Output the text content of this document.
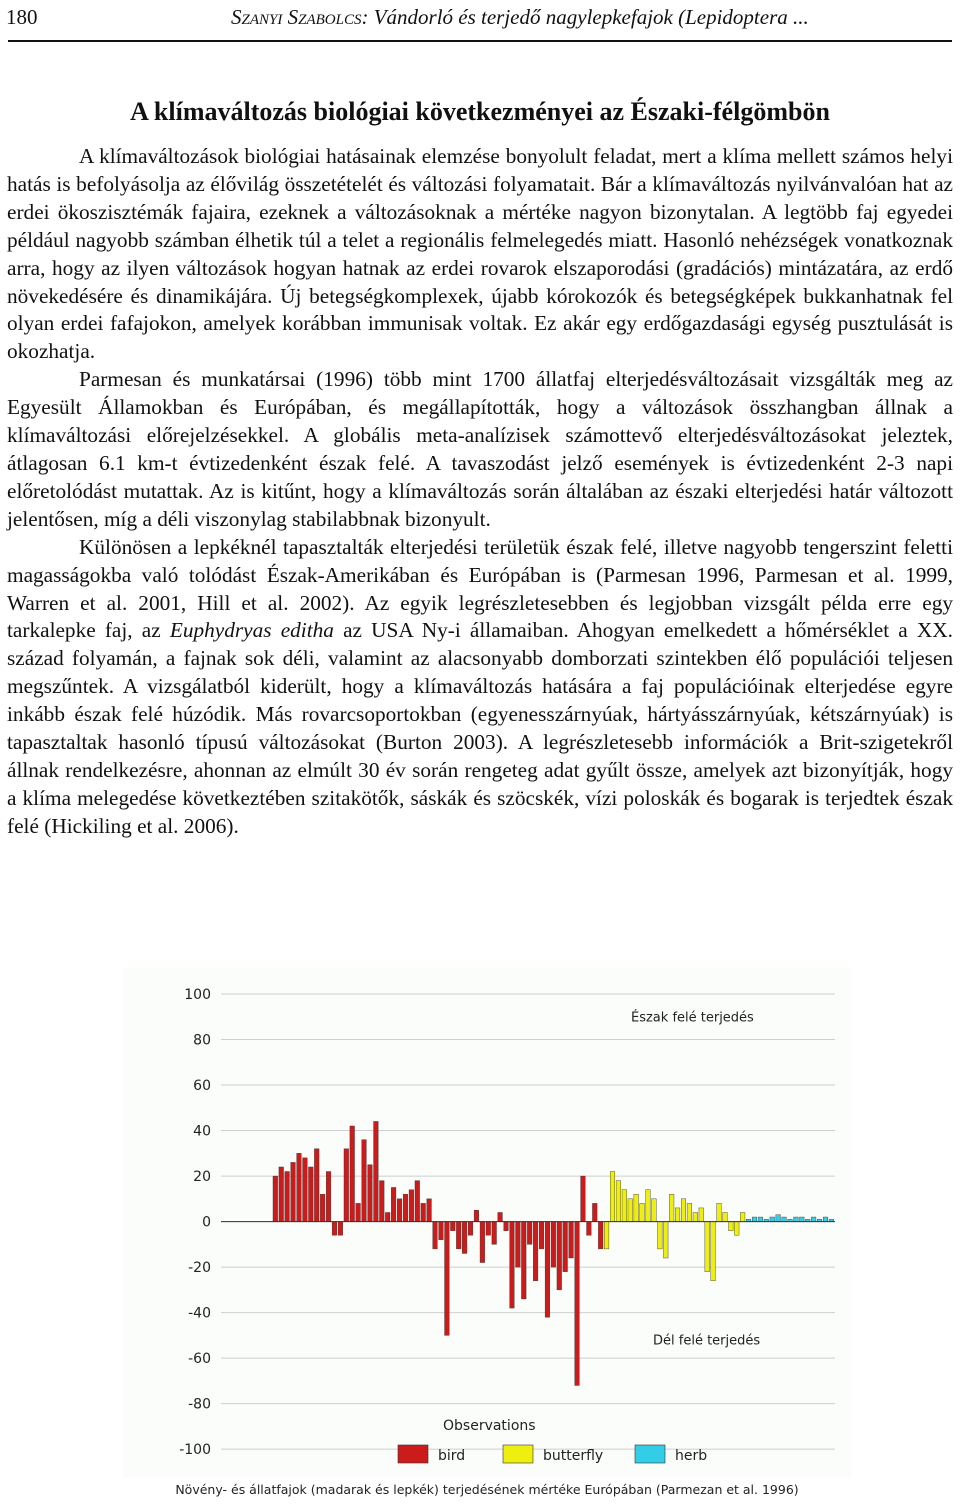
180	Szanyi Szabolcs: Vándorló és terjedő nagylepkefajok (Lepidoptera ...
A klímaváltozás biológiai következményei az Északi-félgömbön

A klímaváltozások biológiai hatásainak elemzése bonyolult feladat, mert a klíma mellett számos helyi hatás is befolyásolja az élővilág összetételét és változási folyamatait. Bár a klímaváltozás nyilvánvalóan hat az erdei ökoszisztémák fajaira, ezeknek a változásoknak a mértéke nagyon bizonytalan. A legtöbb faj egyedei például nagyobb számban élhetik túl a telet a regionális felmelegedés miatt. Hasonló nehézségek vonatkoznak arra, hogy az ilyen változások hogyan hatnak az erdei rovarok elszaporodási (gradációs) mintázatára, az erdő növekedésére és dinamikájára. Új betegségkomplexek, újabb kórokozók és betegségképek bukkanhatnak fel olyan erdei fafajokon, amelyek korábban immunisak voltak. Ez akár egy erdőgazdasági egység pusztulását is okozhatja.

Parmesan és munkatársai (1996) több mint 1700 állatfaj elterjedésváltozásait vizsgálták meg az Egyesült Államokban és Európában, és megállapították, hogy a változások összhangban állnak a klímaváltozási előrejelzésekkel. A globális meta-analízisek számottevő elterjedésváltozásokat jeleztek, átlagosan 6.1 km-t évtizedenként észak felé. A tavaszodást jelző események is évtizedenként 2-3 napi előretolódást mutattak. Az is kitűnt, hogy a klímaváltozás során általában az északi elterjedési határ változott jelentősen, míg a déli viszonylag stabilabbnak bizonyult.

Különösen a lepkéknél tapasztalták elterjedési területük észak felé, illetve nagyobb tengerszint feletti magasságokba való tolódást Észak-Amerikában és Európában is (Parmesan 1996, Parmesan et al. 1999, Warren et al. 2001, Hill et al. 2002). Az egyik legrészletesebben és legjobban vizsgált példa erre egy tarkalepke faj, az Euphydryas editha az USA Ny-i államaiban. Ahogyan emelkedett a hőmérséklet a XX. század folyamán, a fajnak sok déli, valamint az alacsonyabb domborzati szintekben élő populációi teljesen megszűntek. A vizsgálatból kiderült, hogy a klímaváltozás hatására a faj populációinak elterjedése egyre inkább észak felé húzódik. Más rovarcsoportokban (egyenesszárnyúak, hártyásszárnyúak, kétszárnyúak) is tapasztaltak hasonló típusú változásokat (Burton 2003). A legrészletesebb információk a Brit-szigetekről állnak rendelkezésre, ahonnan az elmúlt 30 év során rengeteg adat gyűlt össze, amelyek azt bizonyítják, hogy a klíma melegedése következtében szitakötők, sáskák és szöcskék, vízi poloskák és bogarak is terjedtek észak felé (Hickiling et al. 2006).

100
80
60
40
20
0
-20
-40
-60
-80
-100
Észak felé terjedés
Dél felé terjedés
Observations
bird	butterfly	herb
Növény- és állatfajok (madarak és lepkék) terjedésének mértéke Európában (Parmezan et al. 1996)
